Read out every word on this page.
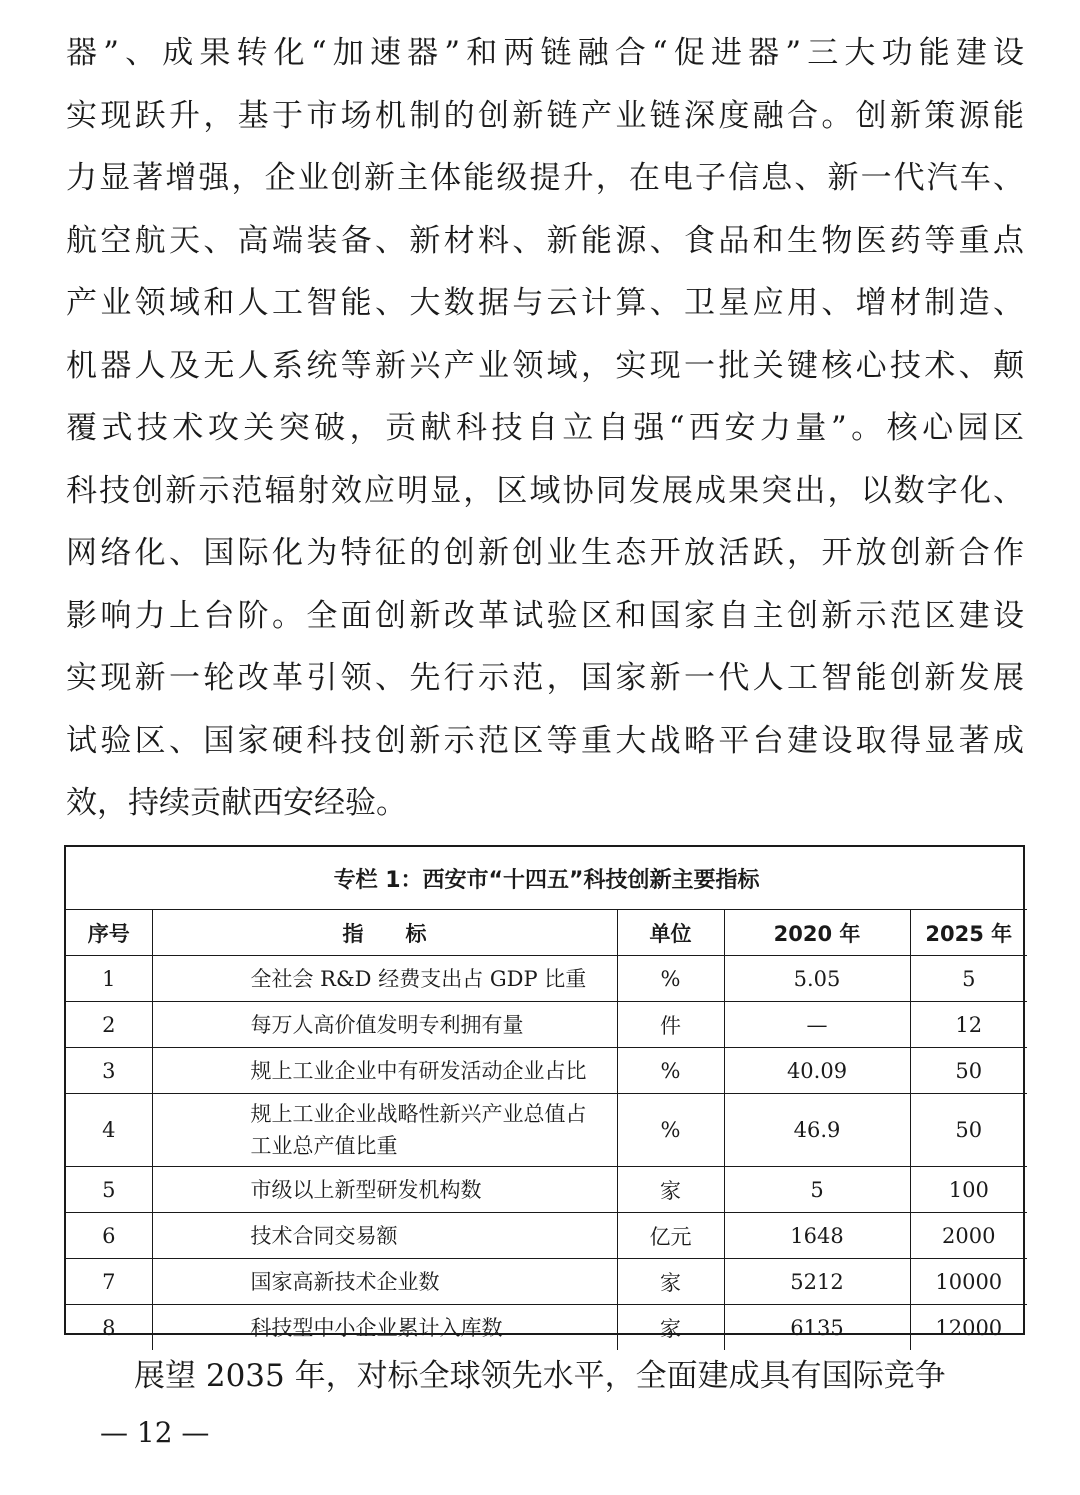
器”、成果转化“加速器”和两链融合“促进器”三大功能建设
实现跃升，基于市场机制的创新链产业链深度融合。创新策源能
力显著增强，企业创新主体能级提升，在电子信息、新一代汽车、
航空航天、高端装备、新材料、新能源、食品和生物医药等重点
产业领域和人工智能、大数据与云计算、卫星应用、增材制造、
机器人及无人系统等新兴产业领域，实现一批关键核心技术、颠
覆式技术攻关突破，贡献科技自立自强“西安力量”。核心园区
科技创新示范辐射效应明显，区域协同发展成果突出，以数字化、
网络化、国际化为特征的创新创业生态开放活跃，开放创新合作
影响力上台阶。全面创新改革试验区和国家自主创新示范区建设
实现新一轮改革引领、先行示范，国家新一代人工智能创新发展
试验区、国家硬科技创新示范区等重大战略平台建设取得显著成
效，持续贡献西安经验。
专栏 1：西安市“十四五”科技创新主要指标				
序号	指　　标	单位	2020 年	2025 年
1	全社会 R&D 经费支出占 GDP 比重	%	5.05	5
2	每万人高价值发明专利拥有量	件	—	12
3	规上工业企业中有研发活动企业占比	%	40.09	50
4	规上工业企业战略性新兴产业总值占工业总产值比重	%	46.9	50
5	市级以上新型研发机构数	家	5	100
6	技术合同交易额	亿元	1648	2000
7	国家高新技术企业数	家	5212	10000
8	科技型中小企业累计入库数	家	6135	12000
展望 2035 年，对标全球领先水平，全面建成具有国际竞争
— 12 —
